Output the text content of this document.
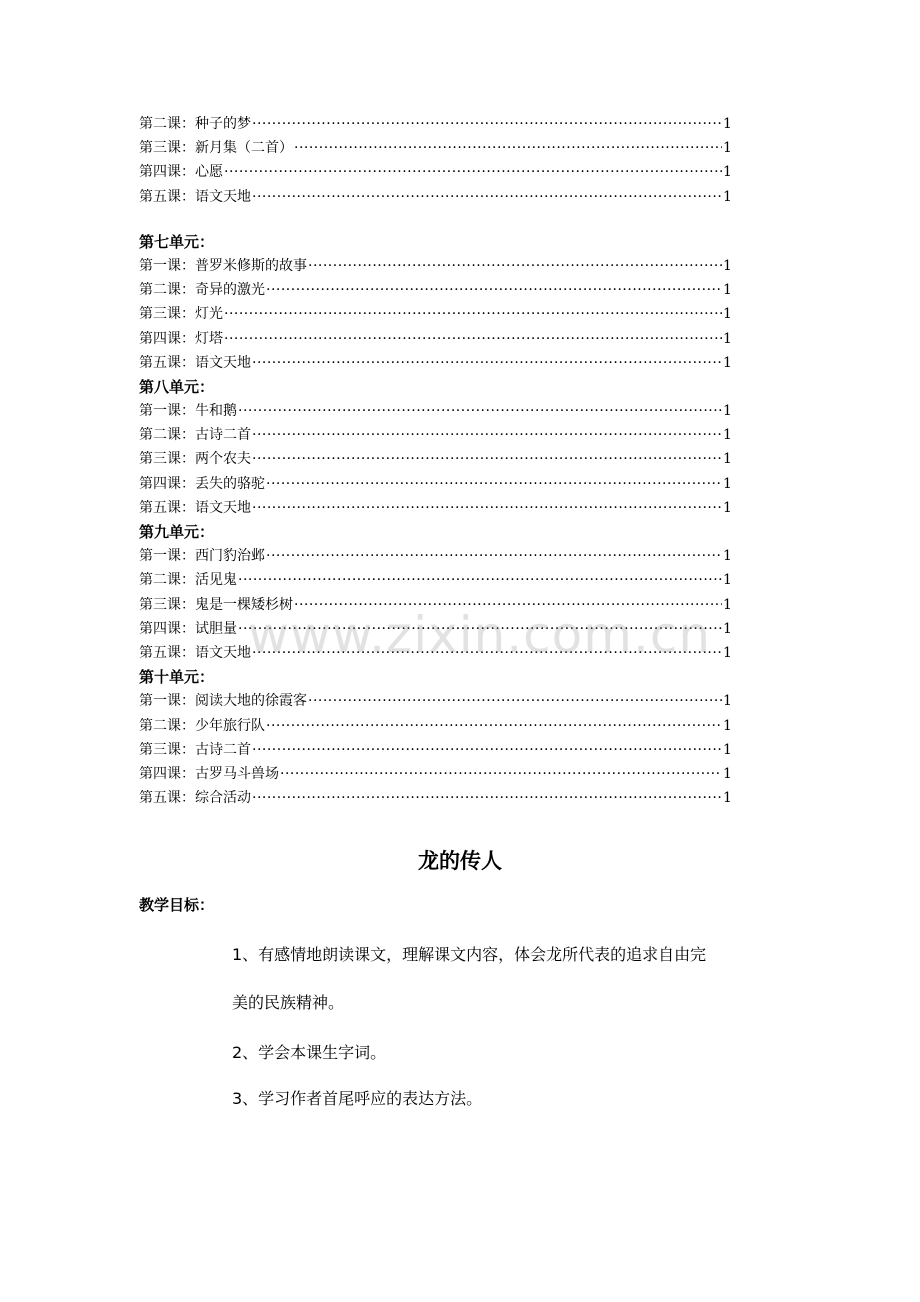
第二课：种子的梦 ·····	1
第三课：新月集（二首） ·····	1
第四课：心愿 ·····	1
第五课：语文天地 ·····	1
第七单元：
第一课：普罗米修斯的故事 ·····	1
第二课：奇异的激光 ·····	1
第三课：灯光 ·····	1
第四课：灯塔 ·····	1
第五课：语文天地 ·····	1
第八单元：
第一课：牛和鹅 ·····	1
第二课：古诗二首 ·····	1
第三课：两个农夫 ·····	1
第四课：丢失的骆驼 ·····	1
第五课：语文天地 ·····	1
第九单元：
第一课：西门豹治邺 ·····	1
第二课：活见鬼 ·····	1
第三课：鬼是一棵矮杉树 ·····	1
第四课：试胆量 ·····	1
第五课：语文天地 ·····	1
第十单元：
第一课：阅读大地的徐霞客 ·····	1
第二课：少年旅行队 ·····	1
第三课：古诗二首 ·····	1
第四课：古罗马斗兽场 ·····	1
第五课：综合活动 ·····	1
www.zixin.com.cn
龙的传人
教学目标：
1、有感情地朗读课文，理解课文内容，体会龙所代表的追求自由完
美的民族精神。
2、学会本课生字词。
3、学习作者首尾呼应的表达方法。
